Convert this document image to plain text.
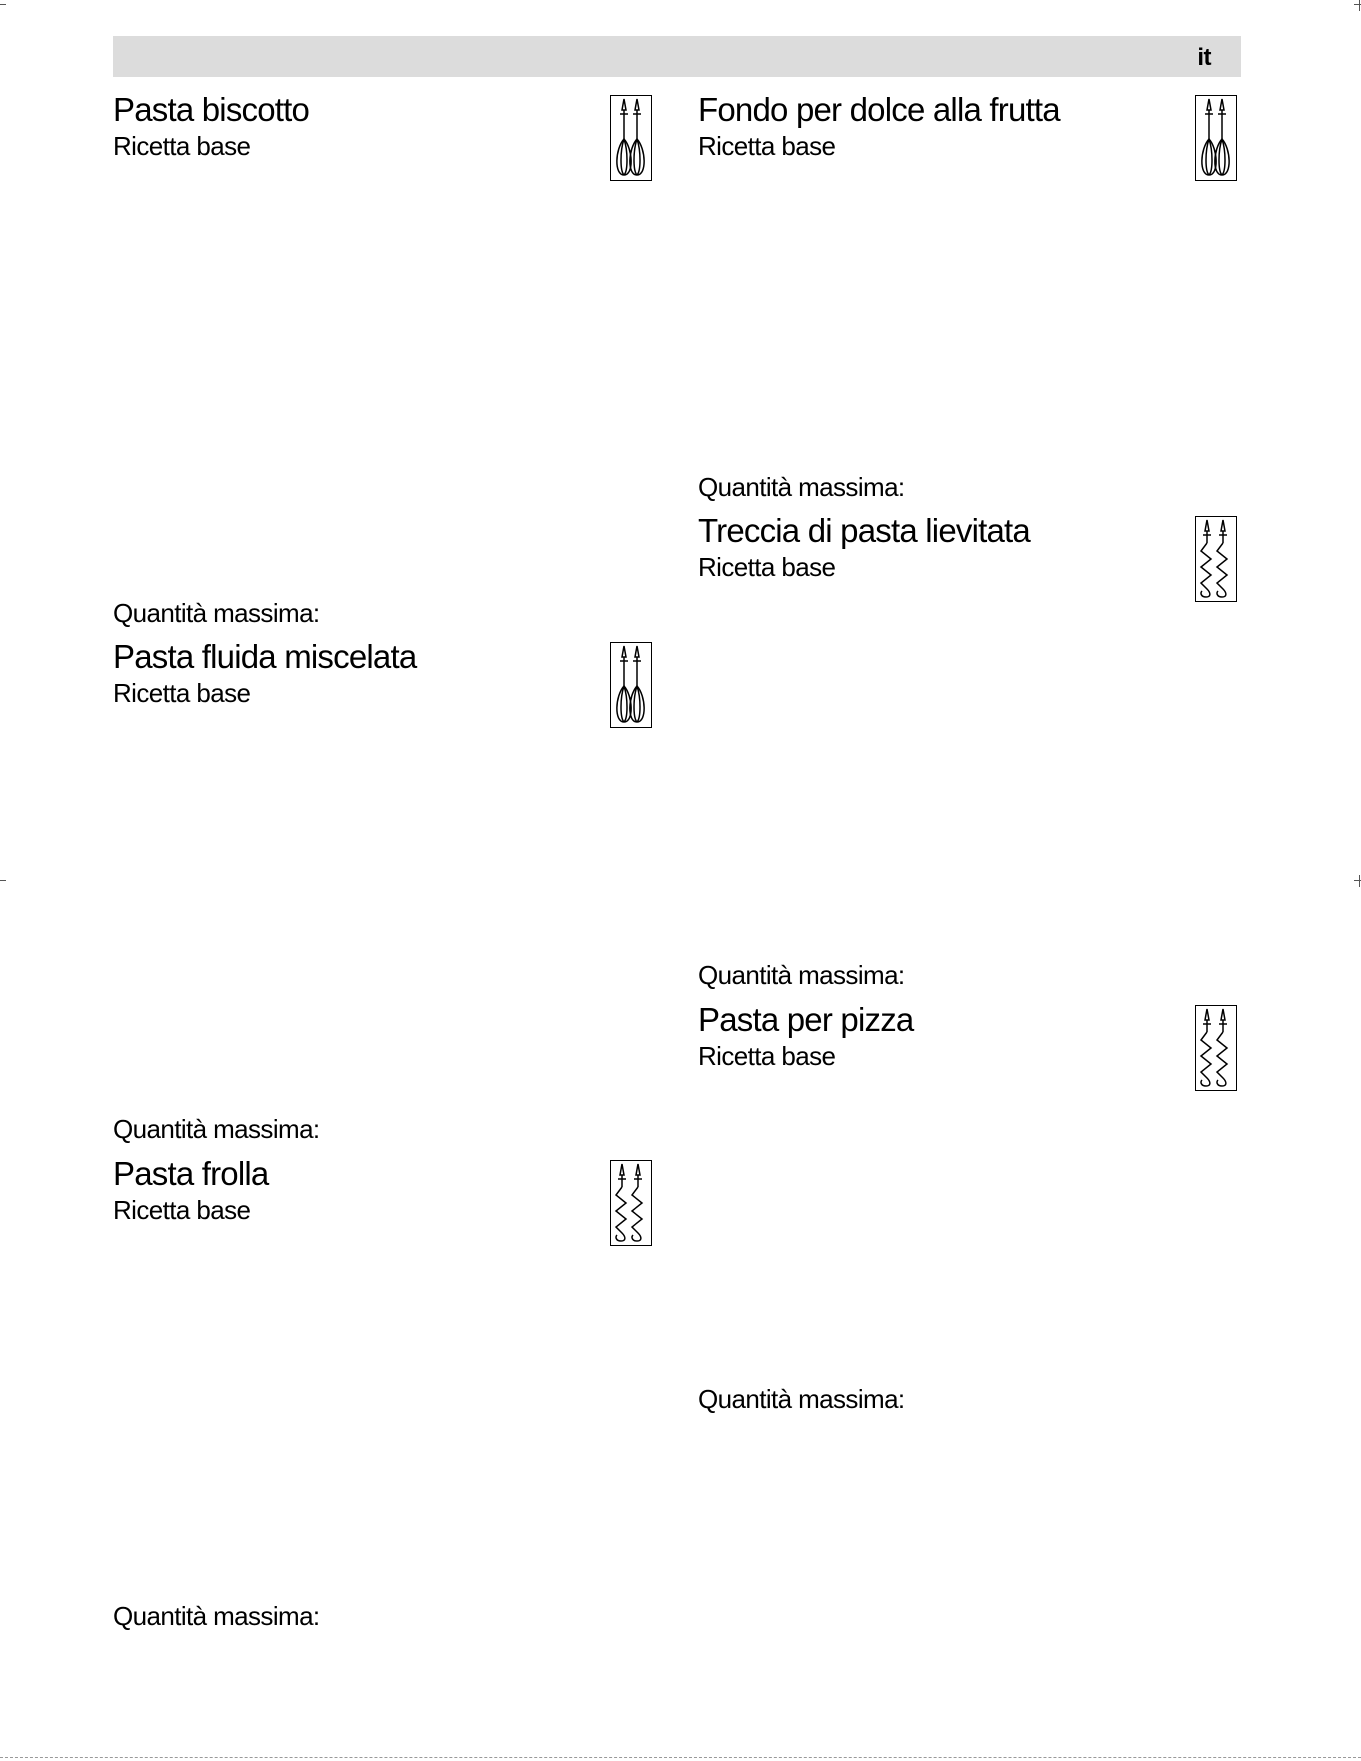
it
Pasta biscotto
Ricetta base
Quantità massima:
Pasta fluida miscelata
Ricetta base
Quantità massima:
Pasta frolla
Ricetta base
Quantità massima:
Fondo per dolce alla frutta
Ricetta base
Quantità massima:
Treccia di pasta lievitata
Ricetta base
Quantità massima:
Pasta per pizza
Ricetta base
Quantità massima:
